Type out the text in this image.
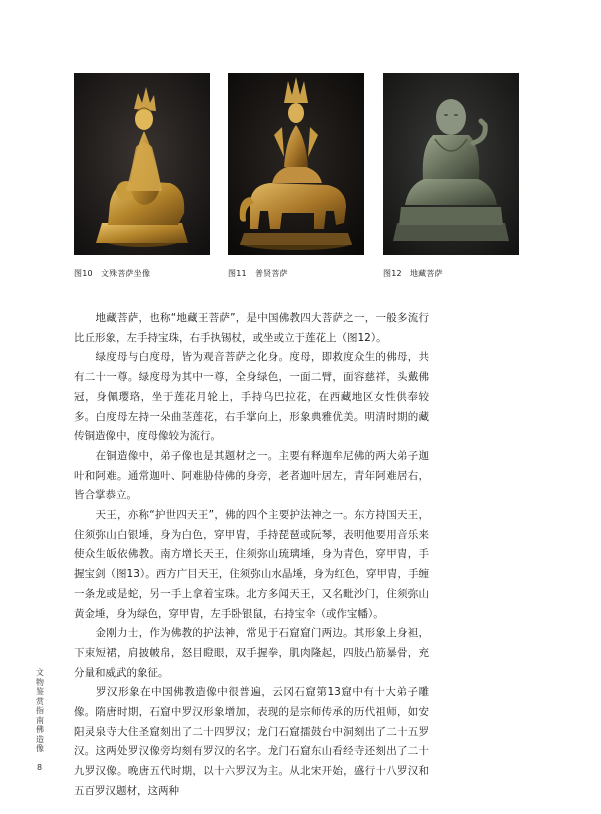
图10　文殊菩萨坐像	图11　普贤菩萨	图12　地藏菩萨

　　地藏菩萨，也称“地藏王菩萨”，是中国佛教四大菩萨之一，一般多流行比丘形象，左手持宝珠，右手执锡杖，或坐或立于莲花上（图12）。

　　绿度母与白度母，皆为观音菩萨之化身。度母，即救度众生的佛母，共有二十一尊。绿度母为其中一尊，全身绿色，一面二臂，面容慈祥，头戴佛冠，身佩璎珞，坐于莲花月轮上，手持乌巴拉花，在西藏地区女性供奉较多。白度母左持一朵曲茎莲花，右手掌向上，形象典雅优美。明清时期的藏传铜造像中，度母像较为流行。

　　在铜造像中，弟子像也是其题材之一。主要有释迦牟尼佛的两大弟子迦叶和阿难。通常迦叶、阿难胁侍佛的身旁，老者迦叶居左，青年阿难居右，皆合掌恭立。

　　天王，亦称“护世四天王”，佛的四个主要护法神之一。东方持国天王，住须弥山白银埵，身为白色，穿甲胄，手持琵琶或阮琴，表明他要用音乐来使众生皈依佛教。南方增长天王，住须弥山琉璃埵，身为青色，穿甲胄，手握宝剑（图13）。西方广目天王，住须弥山水晶埵，身为红色，穿甲胄，手缠一条龙或是蛇，另一手上拿着宝珠。北方多闻天王，又名毗沙门，住须弥山黄金埵，身为绿色，穿甲胄，左手卧银鼠，右持宝伞（或作宝幡）。

　　金刚力士，作为佛教的护法神，常见于石窟窟门两边。其形象上身袒，下束短裙，肩披帔帛，怒目瞪眼，双手握拳，肌肉隆起，四肢凸筋暴骨，充分量和威武的象征。

　　罗汉形象在中国佛教造像中很普遍，云冈石窟第13窟中有十大弟子雕像。隋唐时期，石窟中罗汉形象增加，表现的是宗师传承的历代祖师，如安阳灵泉寺大住圣窟刻出了二十四罗汉；龙门石窟擂鼓台中洞刻出了二十五罗汉。这两处罗汉像旁均刻有罗汉的名字。龙门石窟东山看经寺还刻出了二十九罗汉像。晚唐五代时期，以十六罗汉为主。从北宋开始，盛行十八罗汉和五百罗汉题材，这两种

文物鉴赏指南 佛造像
8
